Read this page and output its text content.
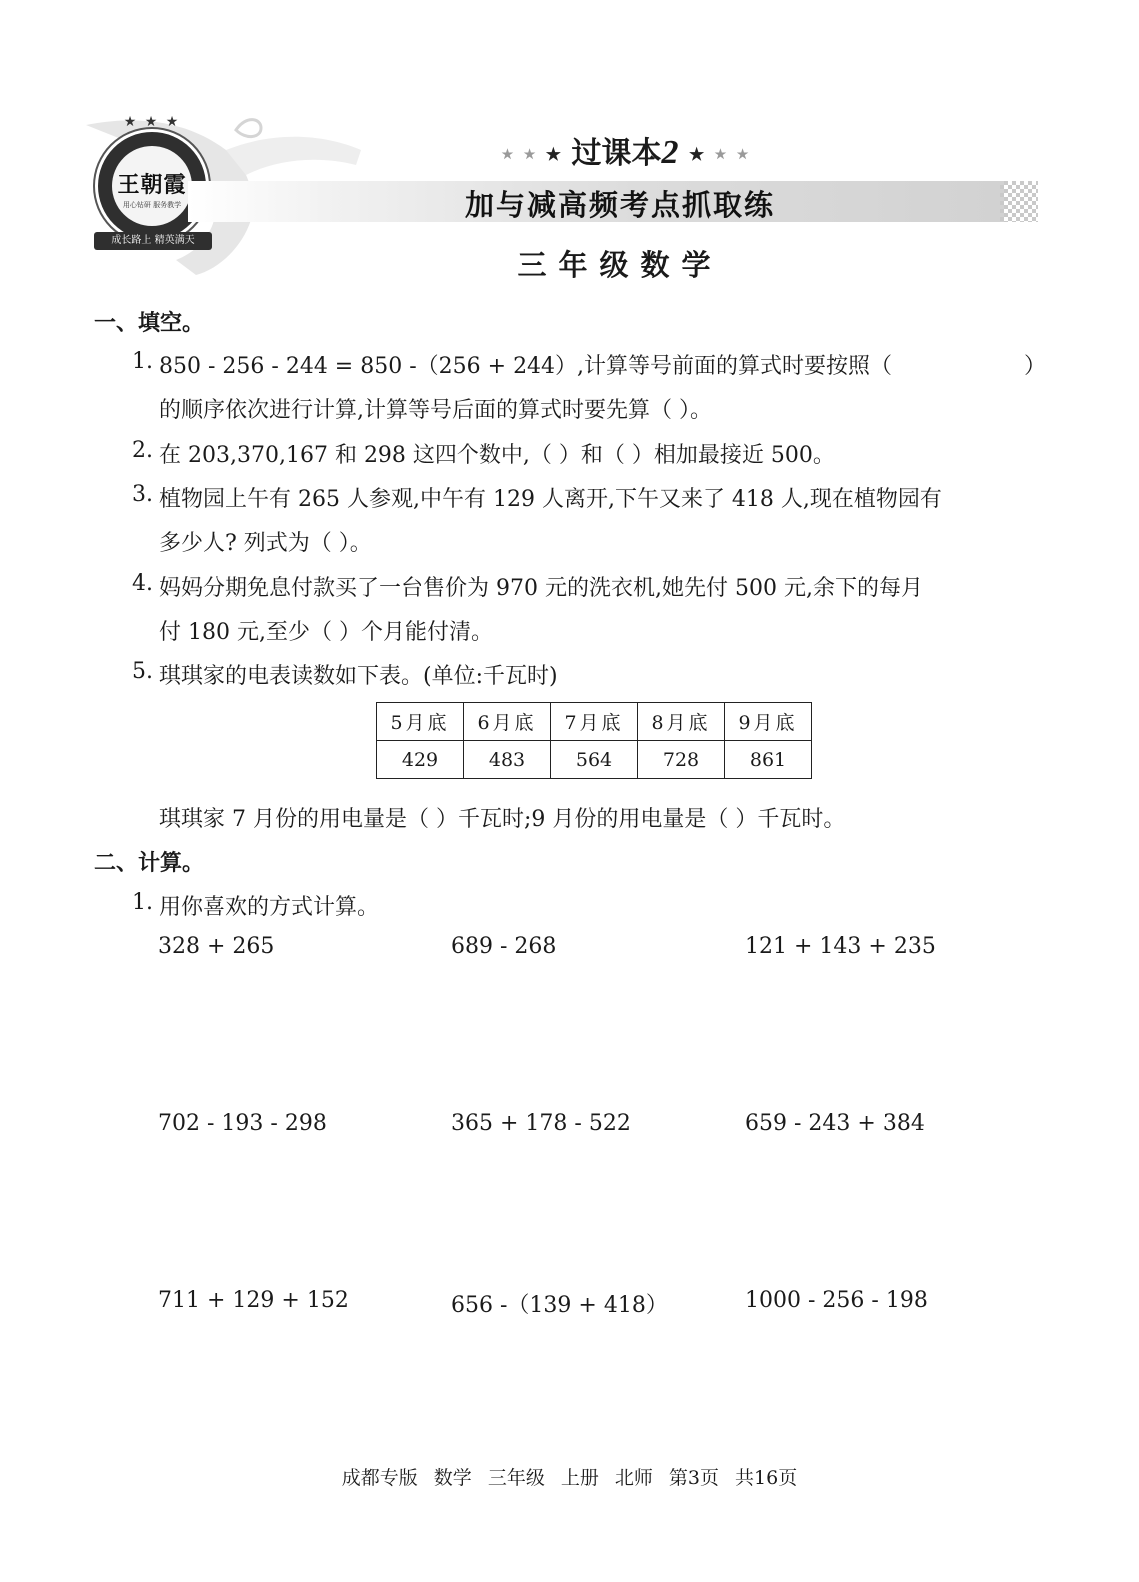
王朝霞
用心钻研 服务教学
★ ★ ★
成长路上 精英满天
★ ★ ★ 过课本2 ★ ★ ★
加与减高频考点抓取练
三年级数学
一、填空。
1. 850 - 256 - 244 = 850 -（256 + 244）,计算等号前面的算式时要按照（	）
的顺序依次进行计算,计算等号后面的算式时要先算（ ）。
2. 在 203,370,167 和 298 这四个数中,（ ）和（ ）相加最接近 500。
3. 植物园上午有 265 人参观,中午有 129 人离开,下午又来了 418 人,现在植物园有
多少人? 列式为（ ）。
4. 妈妈分期免息付款买了一台售价为 970 元的洗衣机,她先付 500 元,余下的每月
付 180 元,至少（ ）个月能付清。
5. 琪琪家的电表读数如下表。(单位:千瓦时)
5月底	6月底	7月底	8月底	9月底
429	483	564	728	861
琪琪家 7 月份的用电量是（ ）千瓦时;9 月份的用电量是（ ）千瓦时。
二、计算。
1. 用你喜欢的方式计算。
328 + 265	689 - 268	121 + 143 + 235
702 - 193 - 298	365 + 178 - 522	659 - 243 + 384
711 + 129 + 152	656 -（139 + 418）	1000 - 256 - 198
成都专版 数学 三年级 上册 北师 第3页 共16页
